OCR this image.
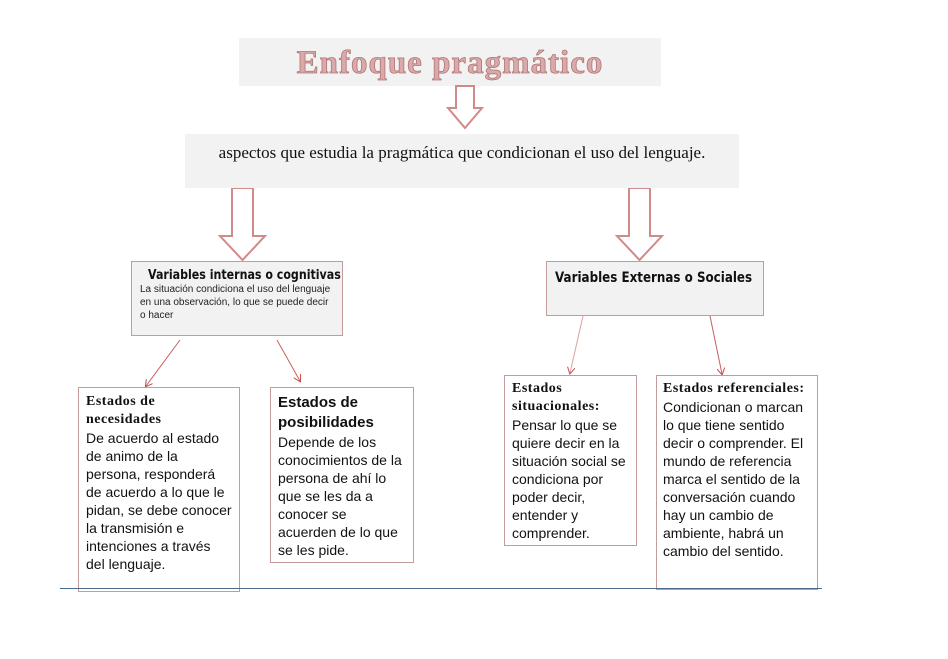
Enfoque pragmático
aspectos que estudia la pragmática que condicionan el uso del lenguaje.
Variables internas o cognitivas
La situación condiciona el uso del lenguaje en una observación, lo que se puede decir o hacer
Variables Externas o Sociales
Estados de necesidades
De acuerdo al estado de animo de la persona, responderá de acuerdo a lo que le pidan, se debe conocer la transmisión e intenciones a través del lenguaje.
Estados de posibilidades
Depende de los conocimientos de la persona de ahí lo que se les da a conocer se acuerden de lo que se les pide.
Estados situacionales:
Pensar lo que se quiere decir en la situación social se condiciona por poder decir, entender y comprender.
Estados referenciales:
Condicionan o marcan lo que tiene sentido decir o comprender. El mundo de referencia marca el sentido de la conversación cuando hay un cambio de ambiente, habrá un cambio del sentido.
